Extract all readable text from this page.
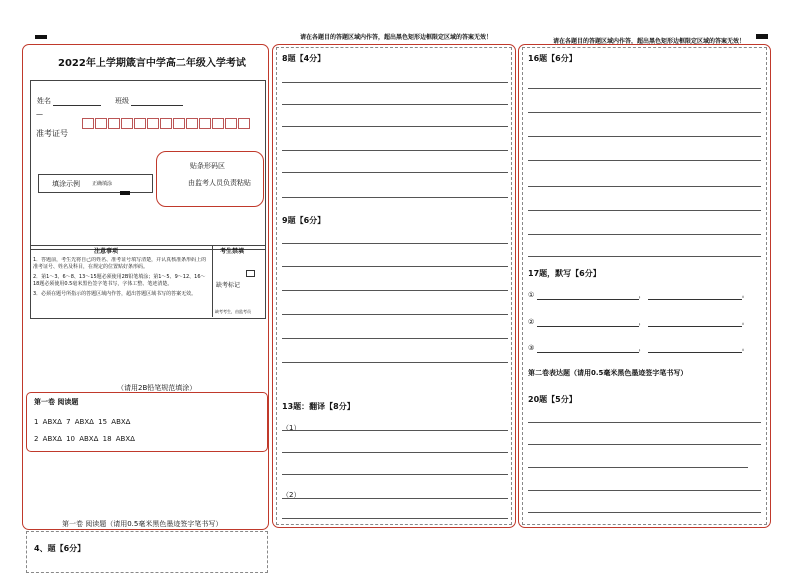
请在各题目的答题区域内作答，超出黑色矩形边框限定区域的答案无效！
请在各题目的答题区域内作答，超出黑色矩形边框限定区域的答案无效！
2022年上学期箴言中学高二年级入学考试
姓名	班级
—
准考证号
贴条形码区
由监考人员负责粘贴
填涂示例 正确填涂
注意事项
1．答题前，考生先将自己的姓名、准考证号填写清楚，并认真核准条形码上的准考证号、姓名及科目，在规定的位置贴好条形码。
2．第1～3、6～8、13～15题必须使用2B铅笔填涂；第1～5、9～12、16～18题必须使用0.5毫米黑色签字笔书写，字体工整、笔迹清楚。
3．必须在题号所指示的答题区域内作答，超出答题区域书写的答案无效。
考生禁填
缺考标记
缺考考生，由监考员
（请用2B铅笔规范填涂）
第一卷 阅读题
1 ABXΔ 7 ABXΔ 15 ABXΔ
2 ABXΔ 10 ABXΔ 18 ABXΔ
第一卷 阅读题（请用0.5毫米黑色墨迹签字笔书写）
4、题【6分】
8题【4分】
9题【6分】
13题：翻译【8分】
（1）
（2）
16题【6分】
17题，默写【6分】
①	，	。
②	，	。
③	，	。
第二卷表达题（请用0.5毫米黑色墨迹签字笔书写）
20题【5分】
